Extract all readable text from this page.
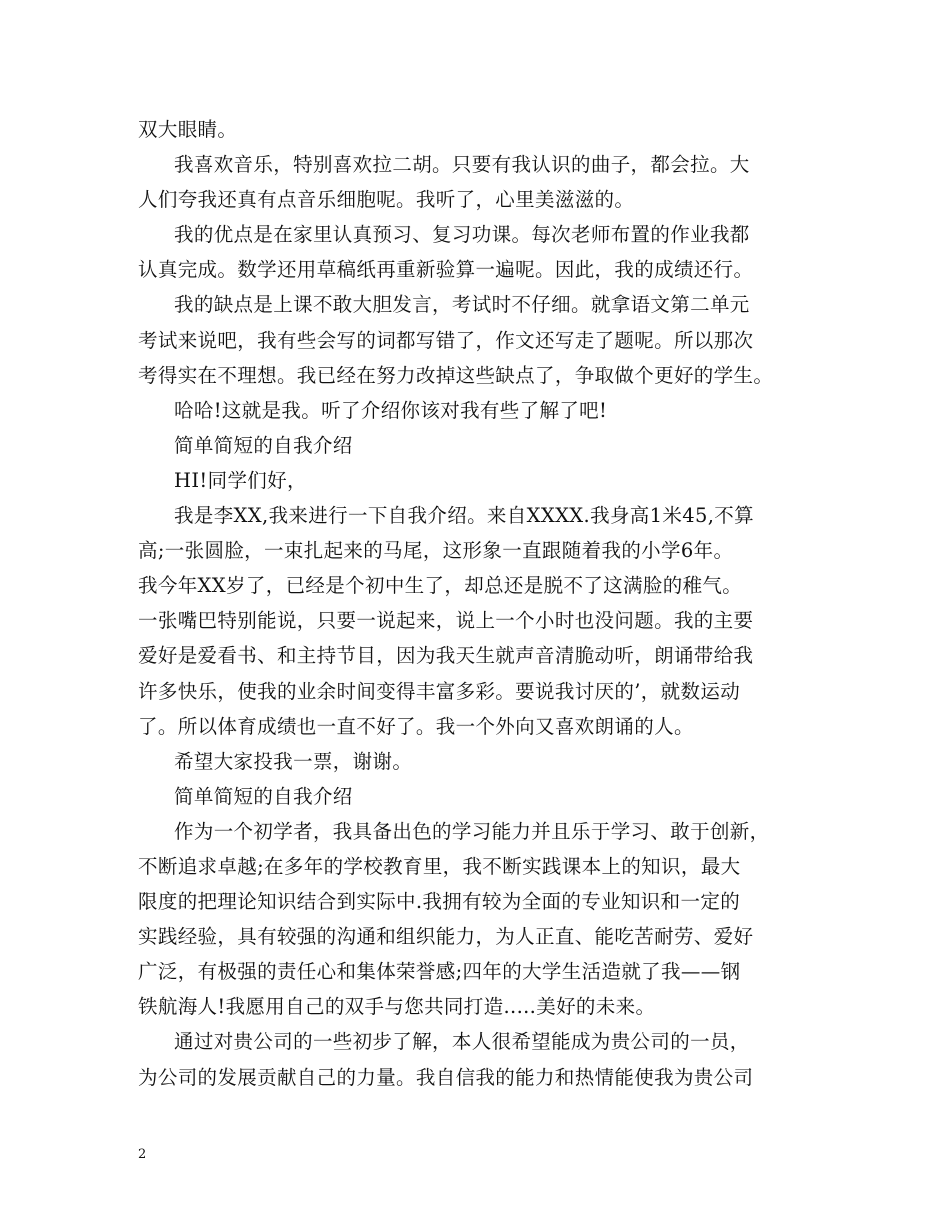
双大眼睛。
我喜欢音乐，特别喜欢拉二胡。只要有我认识的曲子，都会拉。大
人们夸我还真有点音乐细胞呢。我听了，心里美滋滋的。
我的优点是在家里认真预习、复习功课。每次老师布置的作业我都
认真完成。数学还用草稿纸再重新验算一遍呢。因此，我的成绩还行。
我的缺点是上课不敢大胆发言，考试时不仔细。就拿语文第二单元
考试来说吧，我有些会写的词都写错了，作文还写走了题呢。所以那次
考得实在不理想。我已经在努力改掉这些缺点了，争取做个更好的学生。
哈哈!这就是我。听了介绍你该对我有些了解了吧!
简单简短的自我介绍
HI!同学们好，
我是李XX,我来进行一下自我介绍。来自XXXX.我身高1米45,不算
高;一张圆脸，一束扎起来的马尾，这形象一直跟随着我的小学6年。
我今年XX岁了，已经是个初中生了，却总还是脱不了这满脸的稚气。
一张嘴巴特别能说，只要一说起来，说上一个小时也没问题。我的主要
爱好是爱看书、和主持节目，因为我天生就声音清脆动听，朗诵带给我
许多快乐，使我的业余时间变得丰富多彩。要说我讨厌的’，就数运动
了。所以体育成绩也一直不好了。我一个外向又喜欢朗诵的人。
希望大家投我一票，谢谢。
简单简短的自我介绍
作为一个初学者，我具备出色的学习能力并且乐于学习、敢于创新，
不断追求卓越;在多年的学校教育里，我不断实践课本上的知识，最大
限度的把理论知识结合到实际中.我拥有较为全面的专业知识和一定的
实践经验，具有较强的沟通和组织能力，为人正直、能吃苦耐劳、爱好
广泛，有极强的责任心和集体荣誉感;四年的大学生活造就了我——钢
铁航海人!我愿用自己的双手与您共同打造.....美好的未来。
通过对贵公司的一些初步了解，本人很希望能成为贵公司的一员，
为公司的发展贡献自己的力量。我自信我的能力和热情能使我为贵公司
2
